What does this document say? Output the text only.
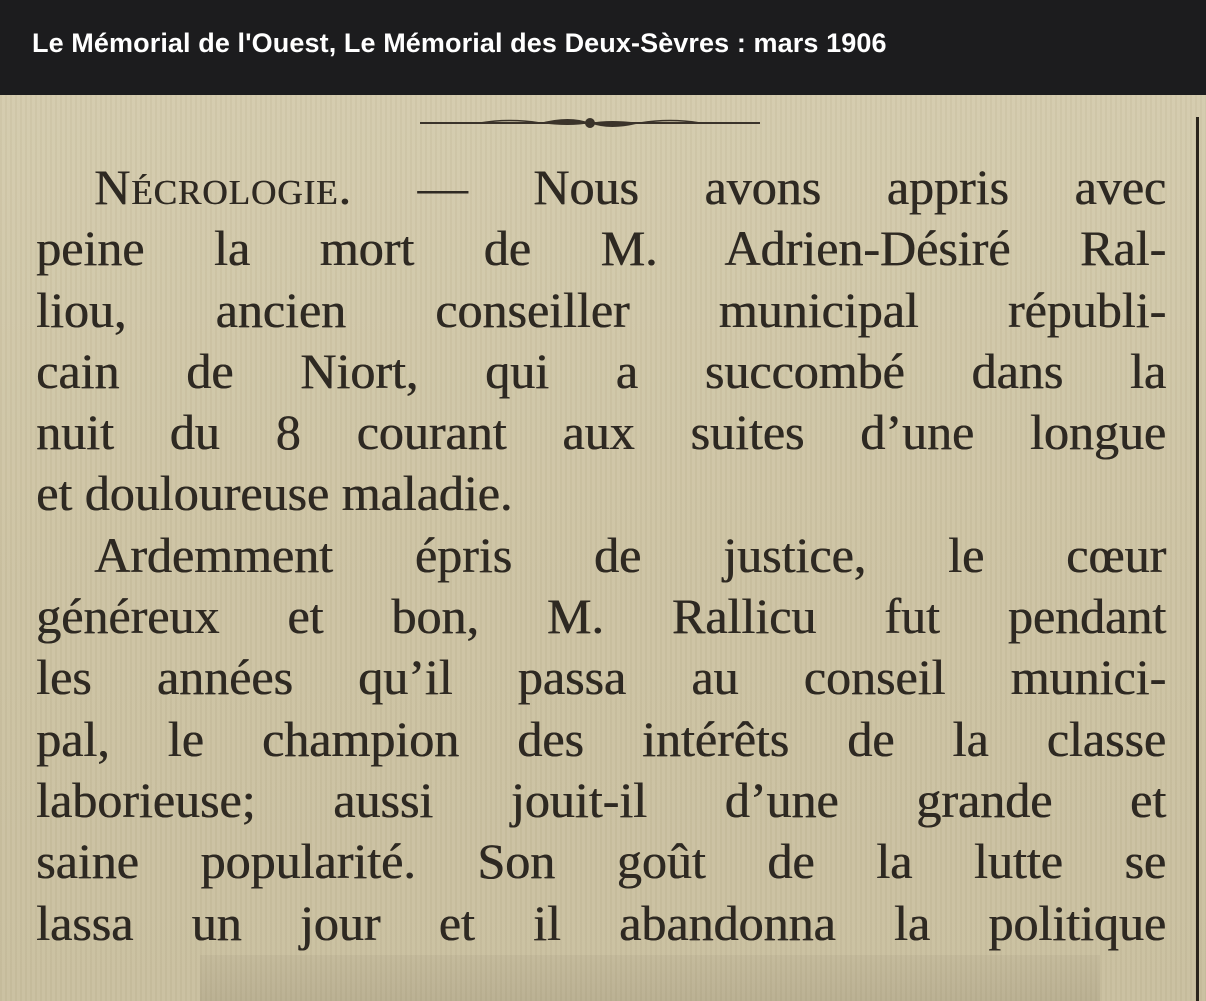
Le Mémorial de l'Ouest, Le Mémorial des Deux-Sèvres : mars 1906
Nécrologie. — Nous avons appris avec
peine la mort de M. Adrien-Désiré Ral-
liou, ancien conseiller municipal républi-
cain de Niort, qui a succombé dans la
nuit du 8 courant aux suites d’une longue
et douloureuse maladie.
Ardemment épris de justice, le cœur
généreux et bon, M. Rallicu fut pendant
les années qu’il passa au conseil munici-
pal, le champion des intérêts de la classe
laborieuse; aussi jouit-il d’une grande et
saine popularité. Son goût de la lutte se
lassa un jour et il abandonna la politique
